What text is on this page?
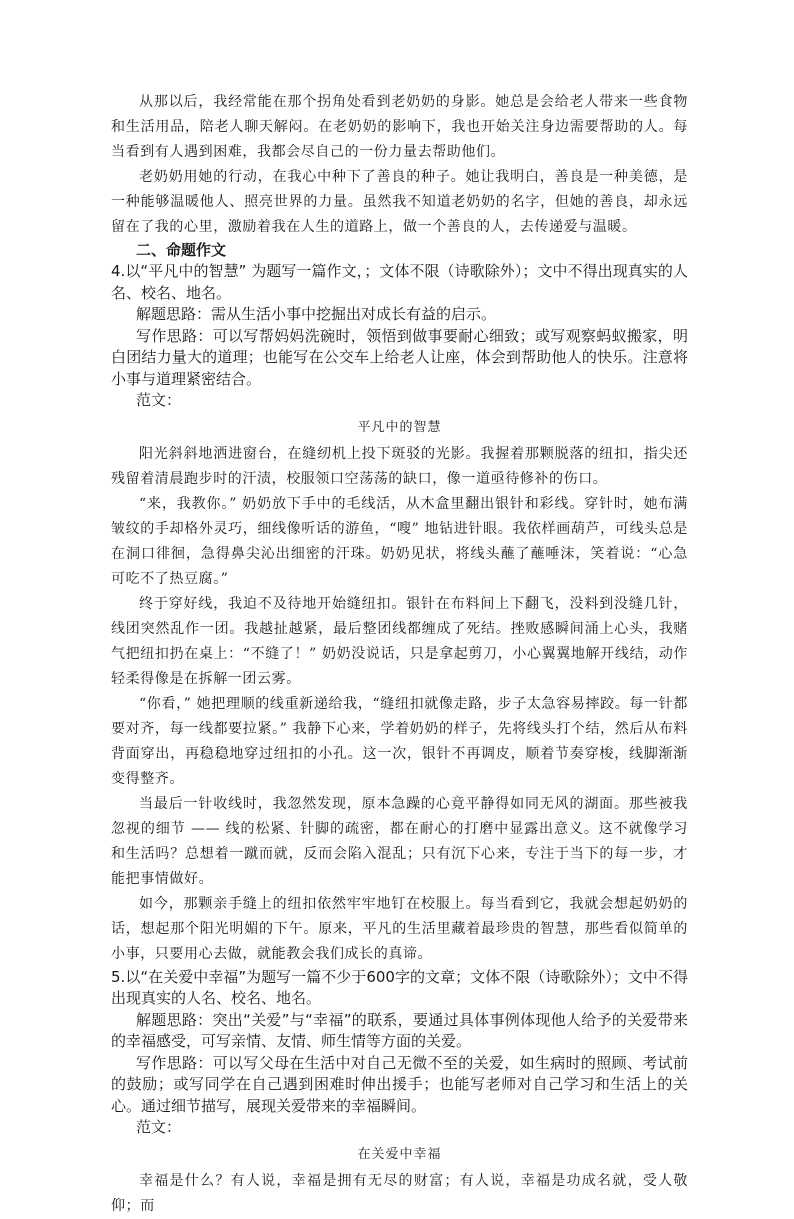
从那以后，我经常能在那个拐角处看到老奶奶的身影。她总是会给老人带来一些食物和生活用品，陪老人聊天解闷。在老奶奶的影响下，我也开始关注身边需要帮助的人。每当看到有人遇到困难，我都会尽自己的一份力量去帮助他们。

老奶奶用她的行动，在我心中种下了善良的种子。她让我明白，善良是一种美德，是一种能够温暖他人、照亮世界的力量。虽然我不知道老奶奶的名字，但她的善良，却永远留在了我的心里，激励着我在人生的道路上，做一个善良的人，去传递爱与温暖。

二、命题作文

4.以“平凡中的智慧” 为题写一篇作文，；文体不限（诗歌除外）；文中不得出现真实的人名、校名、地名。

解题思路：需从生活小事中挖掘出对成长有益的启示。

写作思路：可以写帮妈妈洗碗时，领悟到做事要耐心细致；或写观察蚂蚁搬家，明白团结力量大的道理；也能写在公交车上给老人让座，体会到帮助他人的快乐。注意将小事与道理紧密结合。

范文：

平凡中的智慧

阳光斜斜地洒进窗台，在缝纫机上投下斑驳的光影。我握着那颗脱落的纽扣，指尖还残留着清晨跑步时的汗渍，校服领口空荡荡的缺口，像一道亟待修补的伤口。

“来，我教你。” 奶奶放下手中的毛线活，从木盒里翻出银针和彩线。穿针时，她布满皱纹的手却格外灵巧，细线像听话的游鱼，“嗖” 地钻进针眼。我依样画葫芦，可线头总是在洞口徘徊，急得鼻尖沁出细密的汗珠。奶奶见状，将线头蘸了蘸唾沫，笑着说：“心急可吃不了热豆腐。”

终于穿好线，我迫不及待地开始缝纽扣。银针在布料间上下翻飞，没料到没缝几针，线团突然乱作一团。我越扯越紧，最后整团线都缠成了死结。挫败感瞬间涌上心头，我赌气把纽扣扔在桌上：“不缝了！” 奶奶没说话，只是拿起剪刀，小心翼翼地解开线结，动作轻柔得像是在拆解一团云雾。

“你看，” 她把理顺的线重新递给我，“缝纽扣就像走路，步子太急容易摔跤。每一针都要对齐，每一线都要拉紧。” 我静下心来，学着奶奶的样子，先将线头打个结，然后从布料背面穿出，再稳稳地穿过纽扣的小孔。这一次，银针不再调皮，顺着节奏穿梭，线脚渐渐变得整齐。

当最后一针收线时，我忽然发现，原本急躁的心竟平静得如同无风的湖面。那些被我忽视的细节 —— 线的松紧、针脚的疏密，都在耐心的打磨中显露出意义。这不就像学习和生活吗？总想着一蹴而就，反而会陷入混乱；只有沉下心来，专注于当下的每一步，才能把事情做好。

如今，那颗亲手缝上的纽扣依然牢牢地钉在校服上。每当看到它，我就会想起奶奶的话，想起那个阳光明媚的下午。原来，平凡的生活里藏着最珍贵的智慧，那些看似简单的小事，只要用心去做，就能教会我们成长的真谛。

5.以“在关爱中幸福”为题写一篇不少于600字的文章；文体不限（诗歌除外）；文中不得出现真实的人名、校名、地名。

解题思路：突出“关爱”与“幸福”的联系，要通过具体事例体现他人给予的关爱带来的幸福感受，可写亲情、友情、师生情等方面的关爱。

写作思路：可以写父母在生活中对自己无微不至的关爱，如生病时的照顾、考试前的鼓励；或写同学在自己遇到困难时伸出援手；也能写老师对自己学习和生活上的关心。通过细节描写，展现关爱带来的幸福瞬间。

范文：

在关爱中幸福

幸福是什么？有人说，幸福是拥有无尽的财富；有人说，幸福是功成名就，受人敬仰；而
